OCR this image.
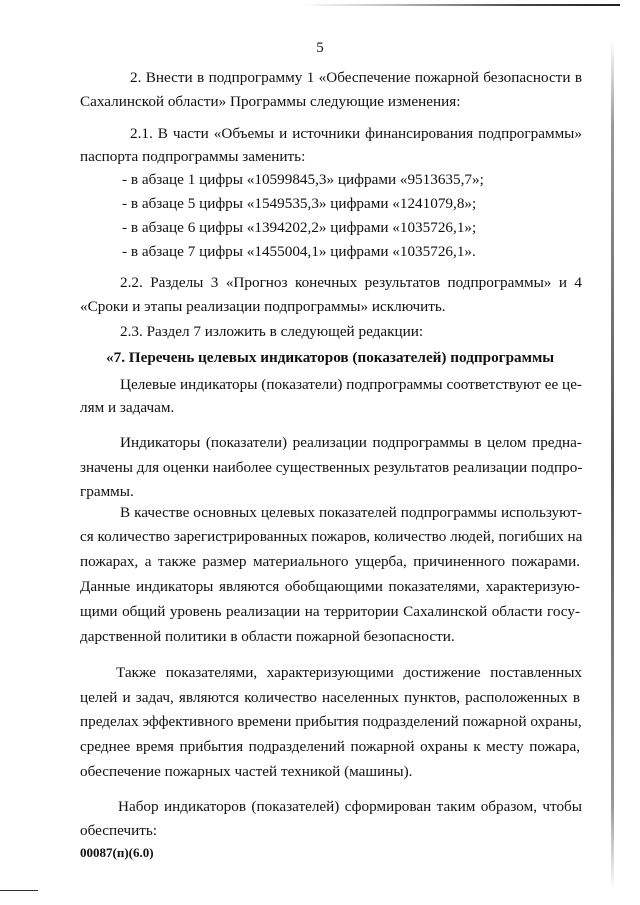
5
2. Внести в подпрограмму 1 «Обеспечение пожарной безопасности в
Сахалинской области» Программы следующие изменения:
2.1. В части «Объемы и источники финансирования подпрограммы»
паспорта подпрограммы заменить:
- в абзаце 1 цифры «10599845,3» цифрами «9513635,7»;
- в абзаце 5 цифры «1549535,3» цифрами «1241079,8»;
- в абзаце 6 цифры «1394202,2» цифрами «1035726,1»;
- в абзаце 7 цифры «1455004,1» цифрами «1035726,1».
2.2. Разделы 3 «Прогноз конечных результатов подпрограммы» и 4
«Сроки и этапы реализации подпрограммы» исключить.
2.3. Раздел 7 изложить в следующей редакции:
«7. Перечень целевых индикаторов (показателей) подпрограммы
Целевые индикаторы (показатели) подпрограммы соответствуют ее це-
лям и задачам.
Индикаторы (показатели) реализации подпрограммы в целом предна-
значены для оценки наиболее существенных результатов реализации подпро-
граммы.
В качестве основных целевых показателей подпрограммы используют-
ся количество зарегистрированных пожаров, количество людей, погибших на
пожарах, а также размер материального ущерба, причиненного пожарами.
Данные индикаторы являются обобщающими показателями, характеризую-
щими общий уровень реализации на территории Сахалинской области госу-
дарственной политики в области пожарной безопасности.
Также показателями, характеризующими достижение поставленных
целей и задач, являются количество населенных пунктов, расположенных в
пределах эффективного времени прибытия подразделений пожарной охраны,
среднее время прибытия подразделений пожарной охраны к месту пожара,
обеспечение пожарных частей техникой (машины).
Набор индикаторов (показателей) сформирован таким образом, чтобы
обеспечить:
00087(п)(6.0)
